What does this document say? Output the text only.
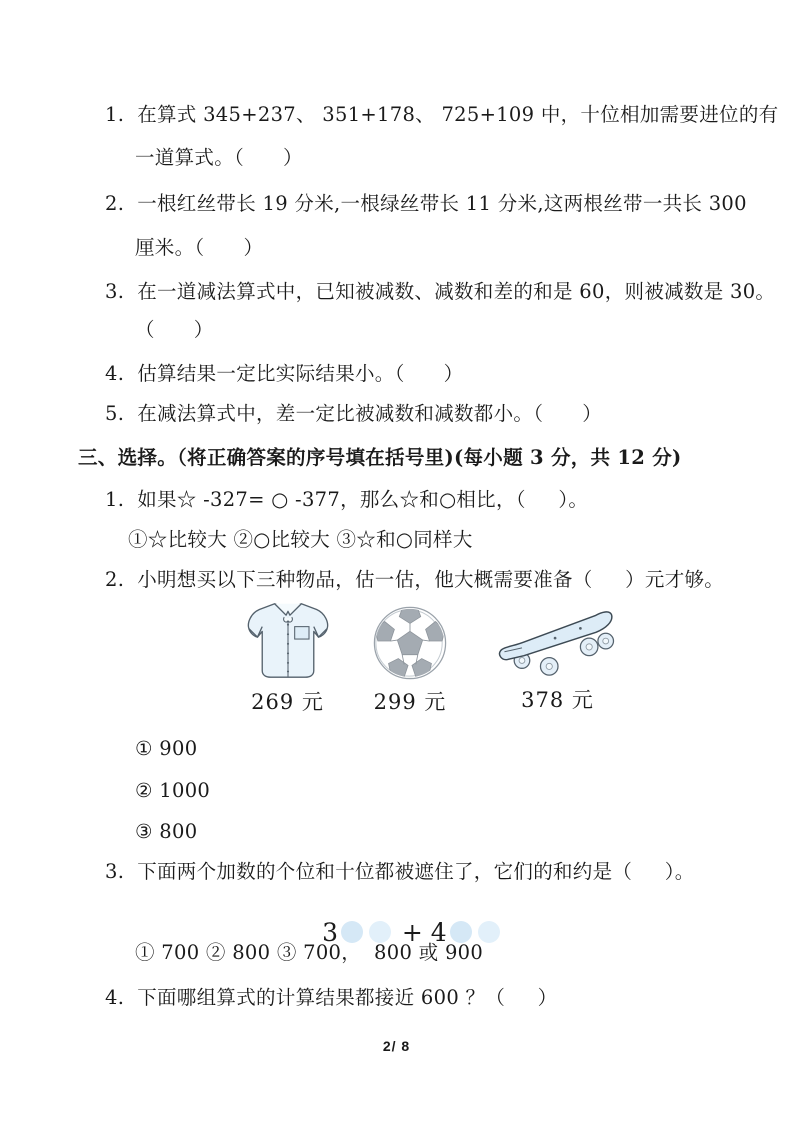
1.  在算式 345+237、 351+178、 725+109 中，十位相加需要进位的有
一道算式。（      ）
2.  一根红丝带长 19 分米,一根绿丝带长 11 分米,这两根丝带一共长 300
厘米。（      ）
3.  在一道减法算式中，已知被减数、减数和差的和是 60，则被减数是 30。
（      ）
4.  估算结果一定比实际结果小。（      ）
5.  在减法算式中，差一定比被减数和减数都小。（      ）
三、选择。（将正确答案的序号填在括号里)(每小题 3 分，共 12 分)
1.  如果☆ -327= ○ -377，那么☆和○相比，（     ）。
①☆比较大 ②○比较大 ③☆和○同样大
2.  小明想买以下三种物品，估一估，他大概需要准备（     ）元才够。
269 元	299 元	378 元
① 900
② 1000
③ 800
3.  下面两个加数的个位和十位都被遮住了，它们的和约是（     ）。

3 + 4

① 700 ② 800 ③ 700，  800 或 900
4.  下面哪组算式的计算结果都接近 600 ？（     ）
2/ 8
